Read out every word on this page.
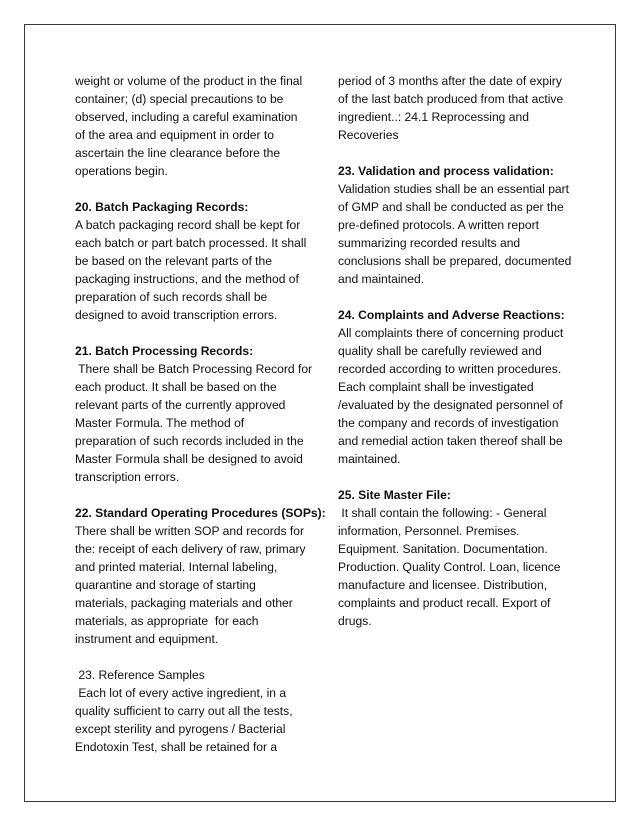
weight or volume of the product in the final
container; (d) special precautions to be
observed, including a careful examination
of the area and equipment in order to
ascertain the line clearance before the
operations begin.
20. Batch Packaging Records:
A batch packaging record shall be kept for
each batch or part batch processed. It shall
be based on the relevant parts of the
packaging instructions, and the method of
preparation of such records shall be
designed to avoid transcription errors.
21. Batch Processing Records:
There shall be Batch Processing Record for
each product. It shall be based on the
relevant parts of the currently approved
Master Formula. The method of
preparation of such records included in the
Master Formula shall be designed to avoid
transcription errors.
22. Standard Operating Procedures (SOPs):
There shall be written SOP and records for
the: receipt of each delivery of raw, primary
and printed material. Internal labeling,
quarantine and storage of starting
materials, packaging materials and other
materials, as appropriate  for each
instrument and equipment.
23. Reference Samples
Each lot of every active ingredient, in a
quality sufficient to carry out all the tests,
except sterility and pyrogens / Bacterial
Endotoxin Test, shall be retained for a
period of 3 months after the date of expiry
of the last batch produced from that active
ingredient..: 24.1 Reprocessing and
Recoveries
23. Validation and process validation:
Validation studies shall be an essential part
of GMP and shall be conducted as per the
pre-defined protocols. A written report
summarizing recorded results and
conclusions shall be prepared, documented
and maintained.
24. Complaints and Adverse Reactions:
All complaints there of concerning product
quality shall be carefully reviewed and
recorded according to written procedures.
Each complaint shall be investigated
/evaluated by the designated personnel of
the company and records of investigation
and remedial action taken thereof shall be
maintained.
25. Site Master File:
It shall contain the following: - General
information, Personnel. Premises.
Equipment. Sanitation. Documentation.
Production. Quality Control. Loan, licence
manufacture and licensee. Distribution,
complaints and product recall. Export of
drugs.
